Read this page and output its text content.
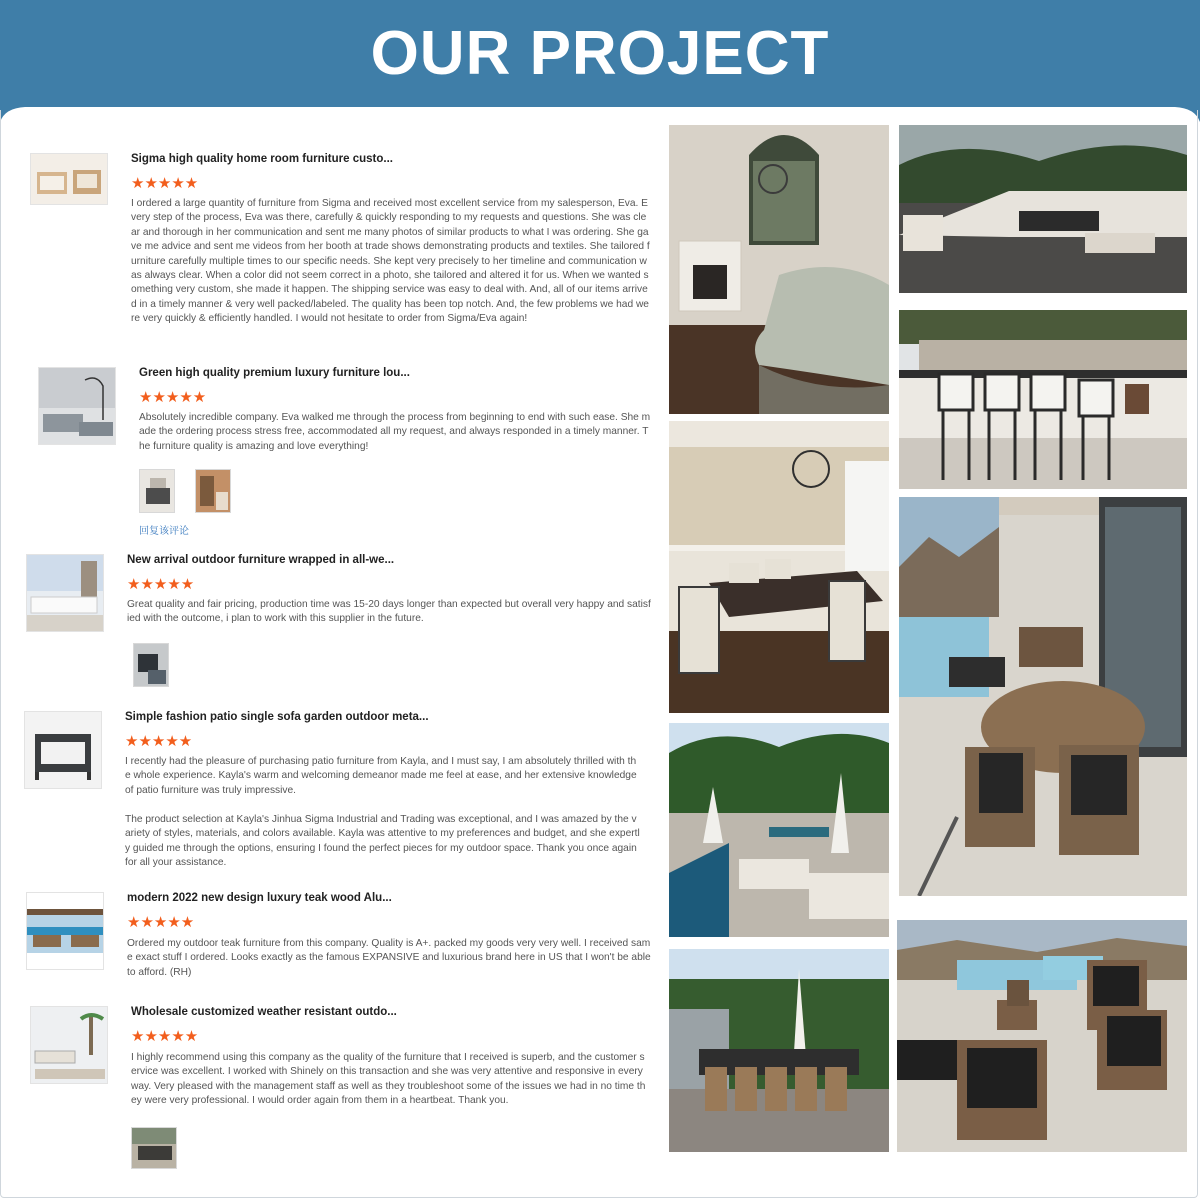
OUR PROJECT
Sigma high quality home room furniture custo...
★★★★★
I ordered a large quantity of furniture from Sigma and received most excellent service from my salesperson, Eva. Every step of the process, Eva was there, carefully & quickly responding to my requests and questions. She was clear and thorough in her communication and sent me many photos of similar products to what I was ordering. She gave me advice and sent me videos from her booth at trade shows demonstrating products and textiles. She tailored furniture carefully multiple times to our specific needs. She kept very precisely to her timeline and communication was always clear. When a color did not seem correct in a photo, she tailored and altered it for us. When we wanted something very custom, she made it happen. The shipping service was easy to deal with. And, all of our items arrived in a timely manner & very well packed/labeled. The quality has been top notch. And, the few problems we had were very quickly & efficiently handled. I would not hesitate to order from Sigma/Eva again!
Green high quality premium luxury furniture lou...
★★★★★
Absolutely incredible company. Eva walked me through the process from beginning to end with such ease. She made the ordering process stress free, accommodated all my request, and always responded in a timely manner. The furniture quality is amazing and love everything!
回复该评论
New arrival outdoor furniture wrapped in all-we...
★★★★★
Great quality and fair pricing, production time was 15-20 days longer than expected but overall very happy and satisfied with the outcome, i plan to work with this supplier in the future.
Simple fashion patio single sofa garden outdoor meta...
★★★★★
I recently had the pleasure of purchasing patio furniture from Kayla, and I must say, I am absolutely thrilled with the whole experience. Kayla's warm and welcoming demeanor made me feel at ease, and her extensive knowledge of patio furniture was truly impressive.
The product selection at Kayla's Jinhua Sigma Industrial and Trading was exceptional, and I was amazed by the variety of styles, materials, and colors available. Kayla was attentive to my preferences and budget, and she expertly guided me through the options, ensuring I found the perfect pieces for my outdoor space. Thank you once again for all your assistance.
modern 2022 new design luxury teak wood Alu...
★★★★★
Ordered my outdoor teak furniture from this company. Quality is A+. packed my goods very very well. I received same exact stuff I ordered. Looks exactly as the famous EXPANSIVE and luxurious brand here in US that I won't be able to afford. (RH)
Wholesale customized weather resistant outdo...
★★★★★
I highly recommend using this company as the quality of the furniture that I received is superb, and the customer service was excellent. I worked with Shinely on this transaction and she was very attentive and responsive in every way. Very pleased with the management staff as well as they troubleshoot some of the issues we had in no time they were very professional. I would order again from them in a heartbeat. Thank you.
